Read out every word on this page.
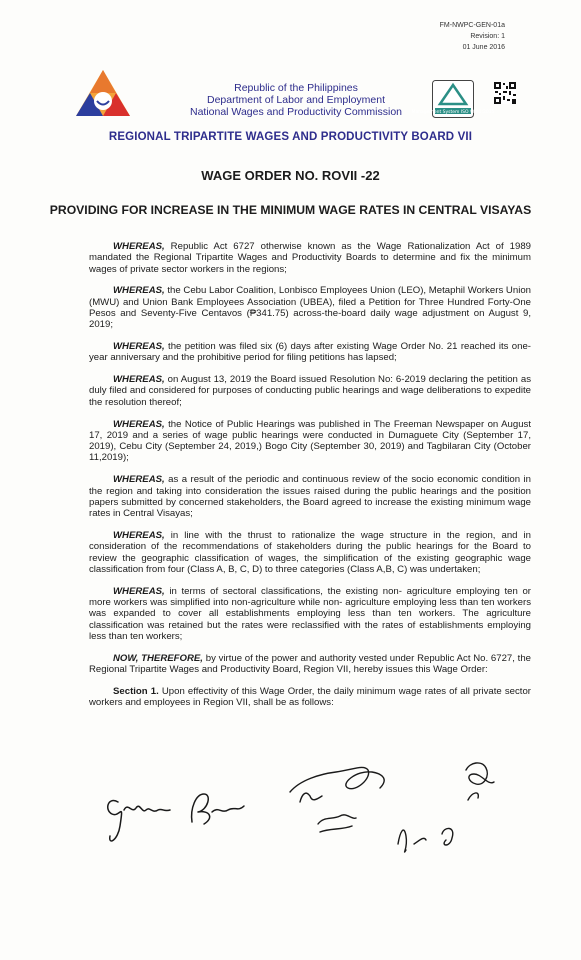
FM-NWPC-GEN-01a
Revision: 1
01 June 2016
Republic of the Philippines
Department of Labor and Employment
National Wages and Productivity Commission	Management System ISO 9001:2015
REGIONAL TRIPARTITE WAGES AND PRODUCTIVITY BOARD VII
WAGE ORDER NO. ROVII -22
PROVIDING FOR INCREASE IN THE MINIMUM WAGE RATES IN CENTRAL VISAYAS

WHEREAS, Republic Act 6727 otherwise known as the Wage Rationalization Act of 1989 mandated the Regional Tripartite Wages and Productivity Boards to determine and fix the minimum wages of private sector workers in the regions;

WHEREAS, the Cebu Labor Coalition, Lonbisco Employees Union (LEO), Metaphil Workers Union (MWU) and Union Bank Employees Association (UBEA), filed a Petition for Three Hundred Forty-One Pesos and Seventy-Five Centavos (₱341.75) across-the-board daily wage adjustment on August 9, 2019;

WHEREAS, the petition was filed six (6) days after existing Wage Order No. 21 reached its one-year anniversary and the prohibitive period for filing petitions has lapsed;

WHEREAS, on August 13, 2019 the Board issued Resolution No: 6-2019 declaring the petition as duly filed and considered for purposes of conducting public hearings and wage deliberations to expedite the resolution thereof;

WHEREAS, the Notice of Public Hearings was published in The Freeman Newspaper on August 17, 2019 and a series of wage public hearings were conducted in Dumaguete City (September 17, 2019), Cebu City (September 24, 2019,) Bogo City (September 30, 2019) and Tagbilaran City (October 11,2019);

WHEREAS, as a result of the periodic and continuous review of the socio economic condition in the region and taking into consideration the issues raised during the public hearings and the position papers submitted by concerned stakeholders, the Board agreed to increase the existing minimum wage rates in Central Visayas;

WHEREAS, in line with the thrust to rationalize the wage structure in the region, and in consideration of the recommendations of stakeholders during the public hearings for the Board to review the geographic classification of wages, the simplification of the existing geographic wage classification from four (Class A, B, C, D) to three categories (Class A,B, C) was undertaken;

WHEREAS, in terms of sectoral classifications, the existing non- agriculture employing ten or more workers was simplified into non-agriculture while non- agriculture employing less than ten workers was expanded to cover all establishments employing less than ten workers. The agriculture classification was retained but the rates were reclassified with the rates of establishments employing less than ten workers;

NOW, THEREFORE, by virtue of the power and authority vested under Republic Act No. 6727, the Regional Tripartite Wages and Productivity Board, Region VII, hereby issues this Wage Order:

Section 1. Upon effectivity of this Wage Order, the daily minimum wage rates of all private sector workers and employees in Region VII, shall be as follows:
